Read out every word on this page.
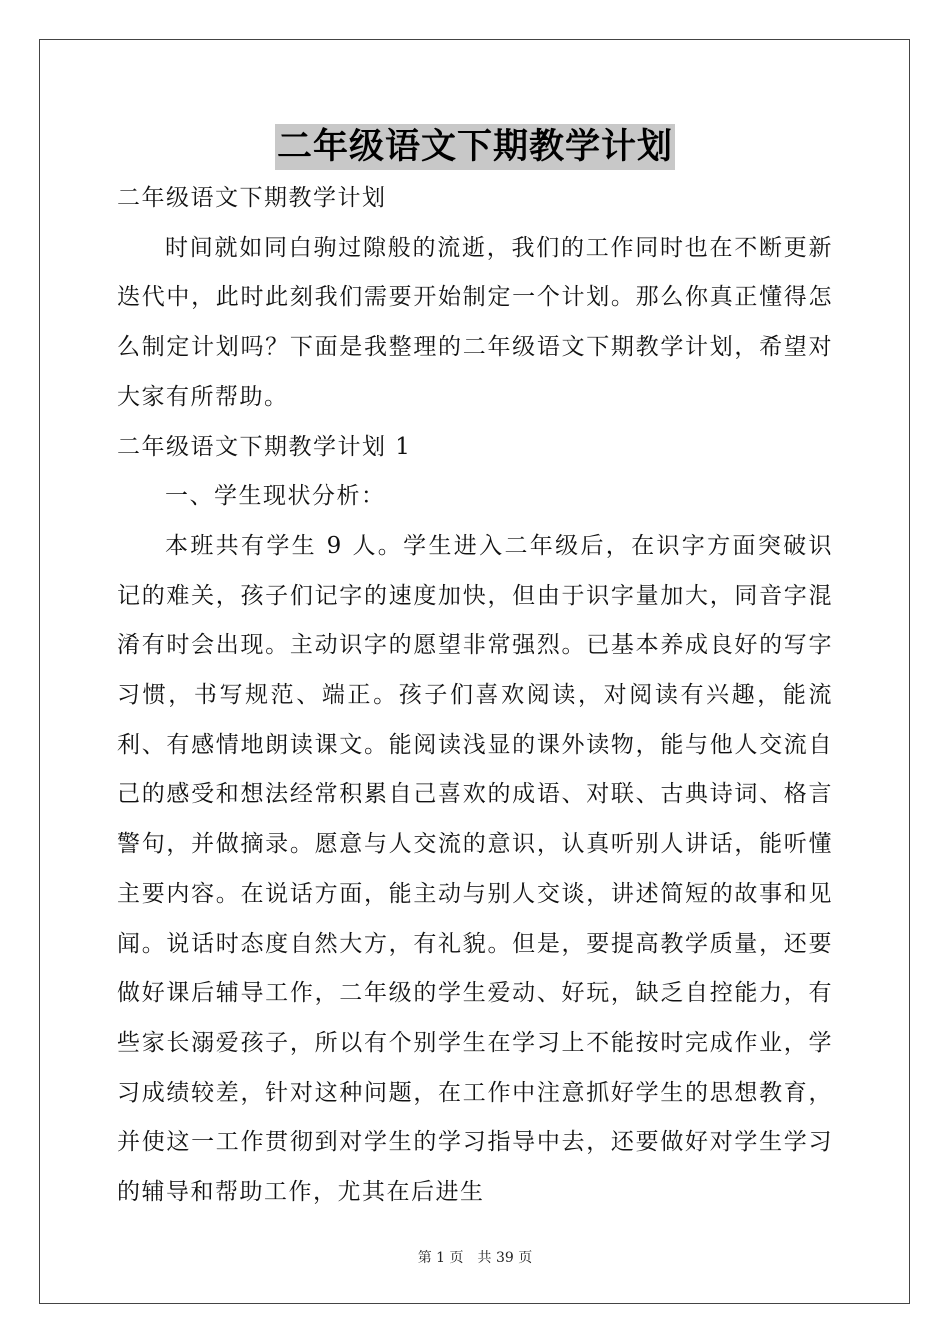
二年级语文下期教学计划

二年级语文下期教学计划

时间就如同白驹过隙般的流逝，我们的工作同时也在不断更新迭代中，此时此刻我们需要开始制定一个计划。那么你真正懂得怎么制定计划吗？下面是我整理的二年级语文下期教学计划，希望对大家有所帮助。

二年级语文下期教学计划 1

一、学生现状分析：

本班共有学生 9 人。学生进入二年级后，在识字方面突破识记的难关，孩子们记字的速度加快，但由于识字量加大，同音字混淆有时会出现。主动识字的愿望非常强烈。已基本养成良好的写字习惯，书写规范、端正。孩子们喜欢阅读，对阅读有兴趣，能流利、有感情地朗读课文。能阅读浅显的课外读物，能与他人交流自己的感受和想法经常积累自己喜欢的成语、对联、古典诗词、格言警句，并做摘录。愿意与人交流的意识，认真听别人讲话，能听懂主要内容。在说话方面，能主动与别人交谈，讲述简短的故事和见闻。说话时态度自然大方，有礼貌。但是，要提高教学质量，还要做好课后辅导工作，二年级的学生爱动、好玩，缺乏自控能力，有些家长溺爱孩子，所以有个别学生在学习上不能按时完成作业，学习成绩较差，针对这种问题，在工作中注意抓好学生的思想教育，并使这一工作贯彻到对学生的学习指导中去，还要做好对学生学习的辅导和帮助工作，尤其在后进生

第 1 页 共 39 页
